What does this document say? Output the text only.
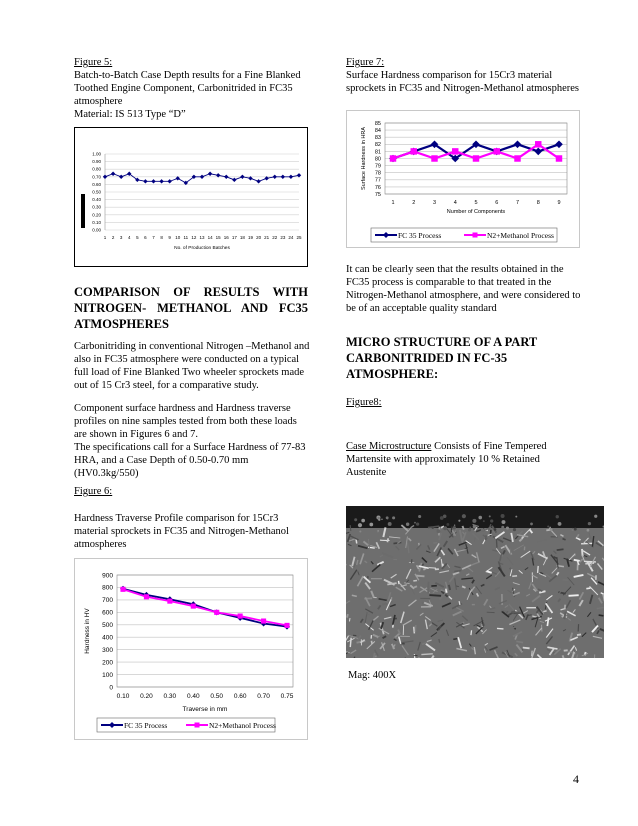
Figure 5:
Batch-to-Batch Case Depth results for a Fine Blanked
Toothed Engine Component, Carbonitrided in FC35
atmosphere
Material: IS 513 Type “D”
1.00
0.90
0.80
0.70
0.60
0.50
0.40
0.30
0.20
0.10
0.00
1 2 3 4 5 6 7 8 9 10 11 12 13 14 15 16 17 18 19 20 21 22 23 24 25
No. of Production Batches
COMPARISON OF RESULTS WITH
NITROGEN- METHANOL AND FC35
ATMOSPHERES
Carbonitriding in conventional Nitrogen –Methanol and
also in FC35 atmosphere were conducted on a typical
full load of Fine Blanked Two wheeler sprockets made
out of 15 Cr3 steel, for a comparative study.
Component surface hardness and Hardness traverse
profiles on nine samples tested from both these loads
are shown in Figures 6 and 7.
The specifications call for a Surface Hardness of 77-83
HRA, and a Case Depth of 0.50-0.70 mm
(HV0.3kg/550)
Figure 6:
Hardness Traverse Profile comparison for 15Cr3
material sprockets in FC35 and Nitrogen-Methanol
atmospheres
0
100
200
300
400
500
600
700
800
900
0.10 0.20 0.30 0.40 0.50 0.60 0.70 0.75
Traverse in mm
Hardness in HV
FC 35 Process	N2+Methanol Process
Figure 7:
Surface Hardness comparison for 15Cr3 material
sprockets in FC35 and Nitrogen-Methanol atmospheres
75
76
77
78
79
80
81
82
83
84
85
1	2	3	4	5	6	7	8	9
Number of Components
Surface Hardness in HRA
FC 35 Process	N2+Methanol Process
It can be clearly seen that the results obtained in the
FC35 process is comparable to that treated in the
Nitrogen-Methanol atmosphere, and were considered to
be of an acceptable quality standard
MICRO STRUCTURE OF A PART
CARBONITRIDED IN FC-35
ATMOSPHERE:
Figure8:
Case Microstructure Consists of Fine Tempered
Martensite with approximately 10 % Retained
Austenite
Mag: 400X
4
